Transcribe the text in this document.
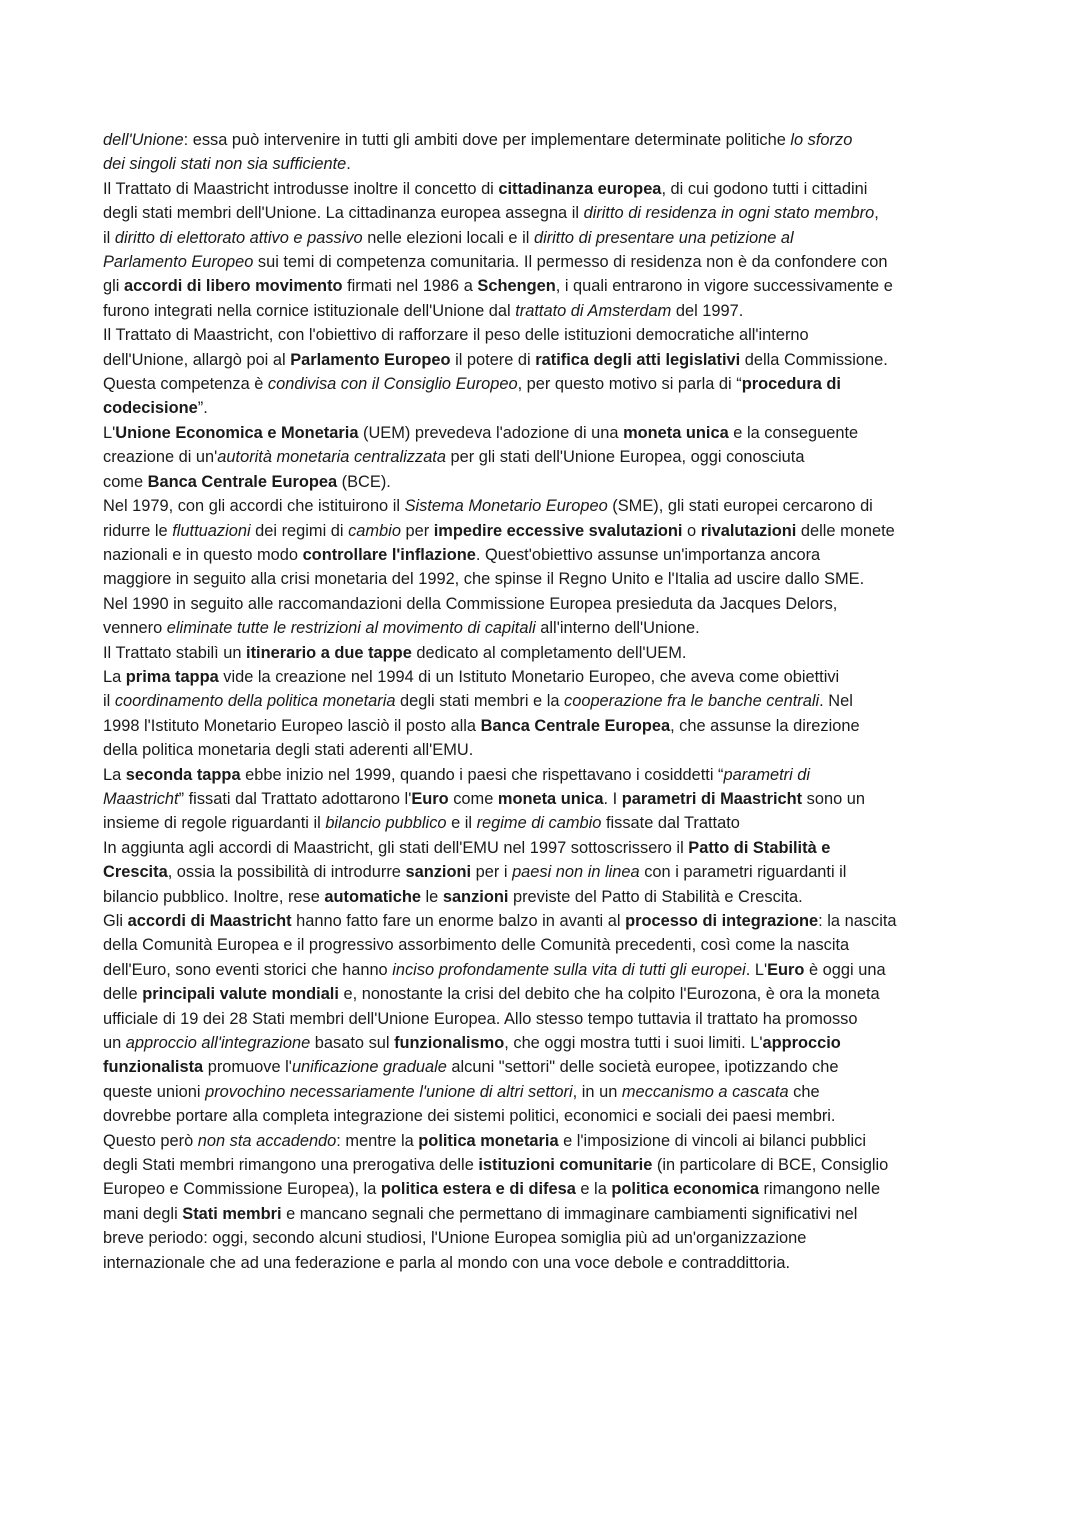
dell'Unione: essa può intervenire in tutti gli ambiti dove per implementare determinate politiche lo sforzo
dei singoli stati non sia sufficiente.
Il Trattato di Maastricht introdusse inoltre il concetto di cittadinanza europea, di cui godono tutti i cittadini
degli stati membri dell'Unione. La cittadinanza europea assegna il diritto di residenza in ogni stato membro,
il diritto di elettorato attivo e passivo nelle elezioni locali e il diritto di presentare una petizione al
Parlamento Europeo sui temi di competenza comunitaria. Il permesso di residenza non è da confondere con
gli accordi di libero movimento firmati nel 1986 a Schengen, i quali entrarono in vigore successivamente e
furono integrati nella cornice istituzionale dell'Unione dal trattato di Amsterdam del 1997.
Il Trattato di Maastricht, con l'obiettivo di rafforzare il peso delle istituzioni democratiche all'interno
dell'Unione, allargò poi al Parlamento Europeo il potere di ratifica degli atti legislativi della Commissione.
Questa competenza è condivisa con il Consiglio Europeo, per questo motivo si parla di “procedura di
codecisione”.
L'Unione Economica e Monetaria (UEM) prevedeva l'adozione di una moneta unica e la conseguente
creazione di un'autorità monetaria centralizzata per gli stati dell'Unione Europea, oggi conosciuta
come Banca Centrale Europea (BCE).
Nel 1979, con gli accordi che istituirono il Sistema Monetario Europeo (SME), gli stati europei cercarono di
ridurre le fluttuazioni dei regimi di cambio per impedire eccessive svalutazioni o rivalutazioni delle monete
nazionali e in questo modo controllare l'inflazione. Quest'obiettivo assunse un'importanza ancora
maggiore in seguito alla crisi monetaria del 1992, che spinse il Regno Unito e l'Italia ad uscire dallo SME.
Nel 1990 in seguito alle raccomandazioni della Commissione Europea presieduta da Jacques Delors,
vennero eliminate tutte le restrizioni al movimento di capitali all'interno dell'Unione.
Il Trattato stabilì un itinerario a due tappe dedicato al completamento dell'UEM.
La prima tappa vide la creazione nel 1994 di un Istituto Monetario Europeo, che aveva come obiettivi
il coordinamento della politica monetaria degli stati membri e la cooperazione fra le banche centrali. Nel
1998 l'Istituto Monetario Europeo lasciò il posto alla Banca Centrale Europea, che assunse la direzione
della politica monetaria degli stati aderenti all'EMU.
La seconda tappa ebbe inizio nel 1999, quando i paesi che rispettavano i cosiddetti “parametri di
Maastricht” fissati dal Trattato adottarono l'Euro come moneta unica. I parametri di Maastricht sono un
insieme di regole riguardanti il bilancio pubblico e il regime di cambio fissate dal Trattato
In aggiunta agli accordi di Maastricht, gli stati dell'EMU nel 1997 sottoscrissero il Patto di Stabilità e
Crescita, ossia la possibilità di introdurre sanzioni per i paesi non in linea con i parametri riguardanti il
bilancio pubblico. Inoltre, rese automatiche le sanzioni previste del Patto di Stabilità e Crescita.
Gli accordi di Maastricht hanno fatto fare un enorme balzo in avanti al processo di integrazione: la nascita
della Comunità Europea e il progressivo assorbimento delle Comunità precedenti, così come la nascita
dell'Euro, sono eventi storici che hanno inciso profondamente sulla vita di tutti gli europei. L'Euro è oggi una
delle principali valute mondiali e, nonostante la crisi del debito che ha colpito l'Eurozona, è ora la moneta
ufficiale di 19 dei 28 Stati membri dell'Unione Europea. Allo stesso tempo tuttavia il trattato ha promosso
un approccio all'integrazione basato sul funzionalismo, che oggi mostra tutti i suoi limiti. L'approccio
funzionalista promuove l'unificazione graduale alcuni "settori" delle società europee, ipotizzando che
queste unioni provochino necessariamente l'unione di altri settori, in un meccanismo a cascata che
dovrebbe portare alla completa integrazione dei sistemi politici, economici e sociali dei paesi membri.
Questo però non sta accadendo: mentre la politica monetaria e l'imposizione di vincoli ai bilanci pubblici
degli Stati membri rimangono una prerogativa delle istituzioni comunitarie (in particolare di BCE, Consiglio
Europeo e Commissione Europea), la politica estera e di difesa e la politica economica rimangono nelle
mani degli Stati membri e mancano segnali che permettano di immaginare cambiamenti significativi nel
breve periodo: oggi, secondo alcuni studiosi, l'Unione Europea somiglia più ad un'organizzazione
internazionale che ad una federazione e parla al mondo con una voce debole e contraddittoria.
